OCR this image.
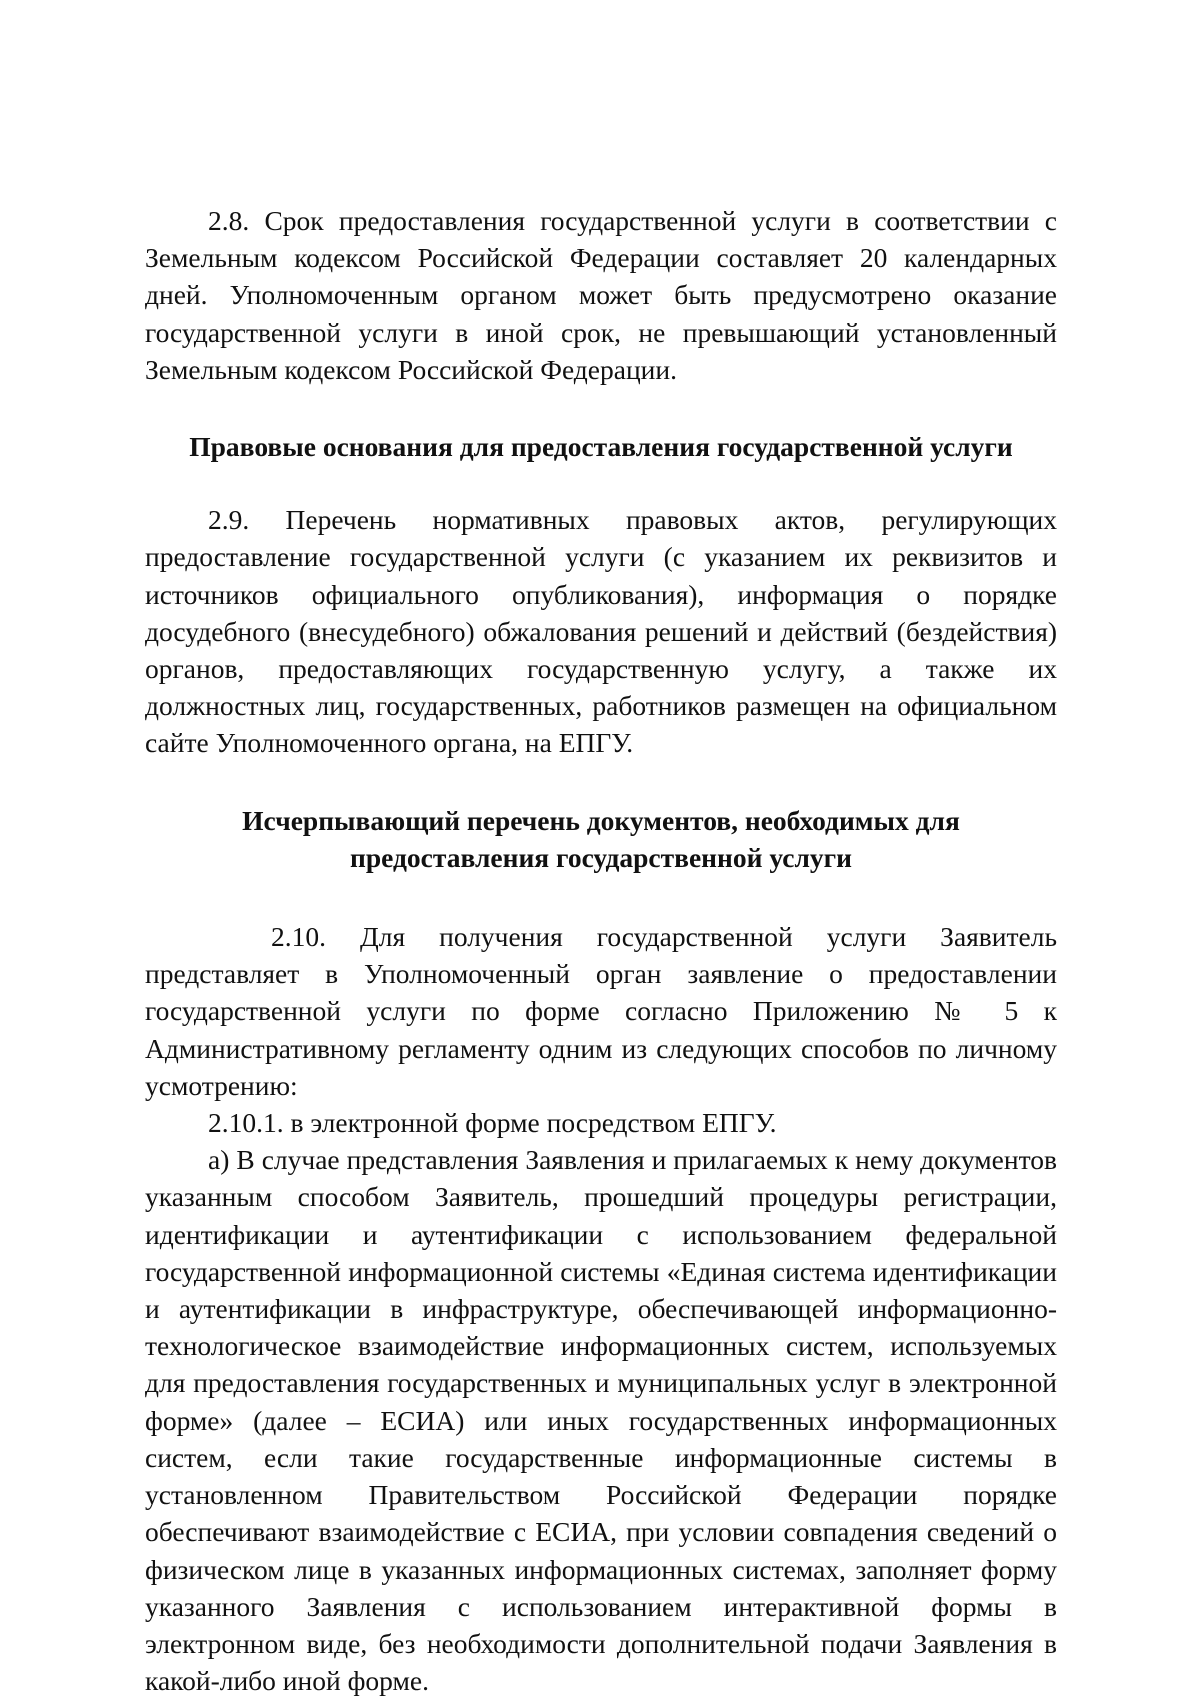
2.8. Срок предоставления государственной услуги в соответствии с Земельным кодексом Российской Федерации составляет 20 календарных дней. Уполномоченным органом может быть предусмотрено оказание государственной услуги в иной срок, не превышающий установленный Земельным кодексом Российской Федерации.

Правовые основания для предоставления государственной услуги

2.9. Перечень нормативных правовых актов, регулирующих предоставление государственной услуги (с указанием их реквизитов и источников официального опубликования), информация о порядке досудебного (внесудебного) обжалования решений и действий (бездействия) органов, предоставляющих государственную услугу, а также их должностных лиц, государственных, работников размещен на официальном сайте Уполномоченного органа, на ЕПГУ.

Исчерпывающий перечень документов, необходимых для предоставления государственной услуги

2.10. Для получения государственной услуги Заявитель представляет в Уполномоченный орган заявление о предоставлении государственной услуги по форме согласно Приложению № 5 к Административному регламенту одним из следующих способов по личному усмотрению:

2.10.1. в электронной форме посредством ЕПГУ.

а) В случае представления Заявления и прилагаемых к нему документов указанным способом Заявитель, прошедший процедуры регистрации, идентификации и аутентификации с использованием федеральной государственной информационной системы «Единая система идентификации и аутентификации в инфраструктуре, обеспечивающей информационно-технологическое взаимодействие информационных систем, используемых для предоставления государственных и муниципальных услуг в электронной форме» (далее – ЕСИА) или иных государственных информационных систем, если такие государственные информационные системы в установленном Правительством Российской Федерации порядке обеспечивают взаимодействие с ЕСИА, при условии совпадения сведений о физическом лице в указанных информационных системах, заполняет форму указанного Заявления с использованием интерактивной формы в электронном виде, без необходимости дополнительной подачи Заявления в какой-либо иной форме.
